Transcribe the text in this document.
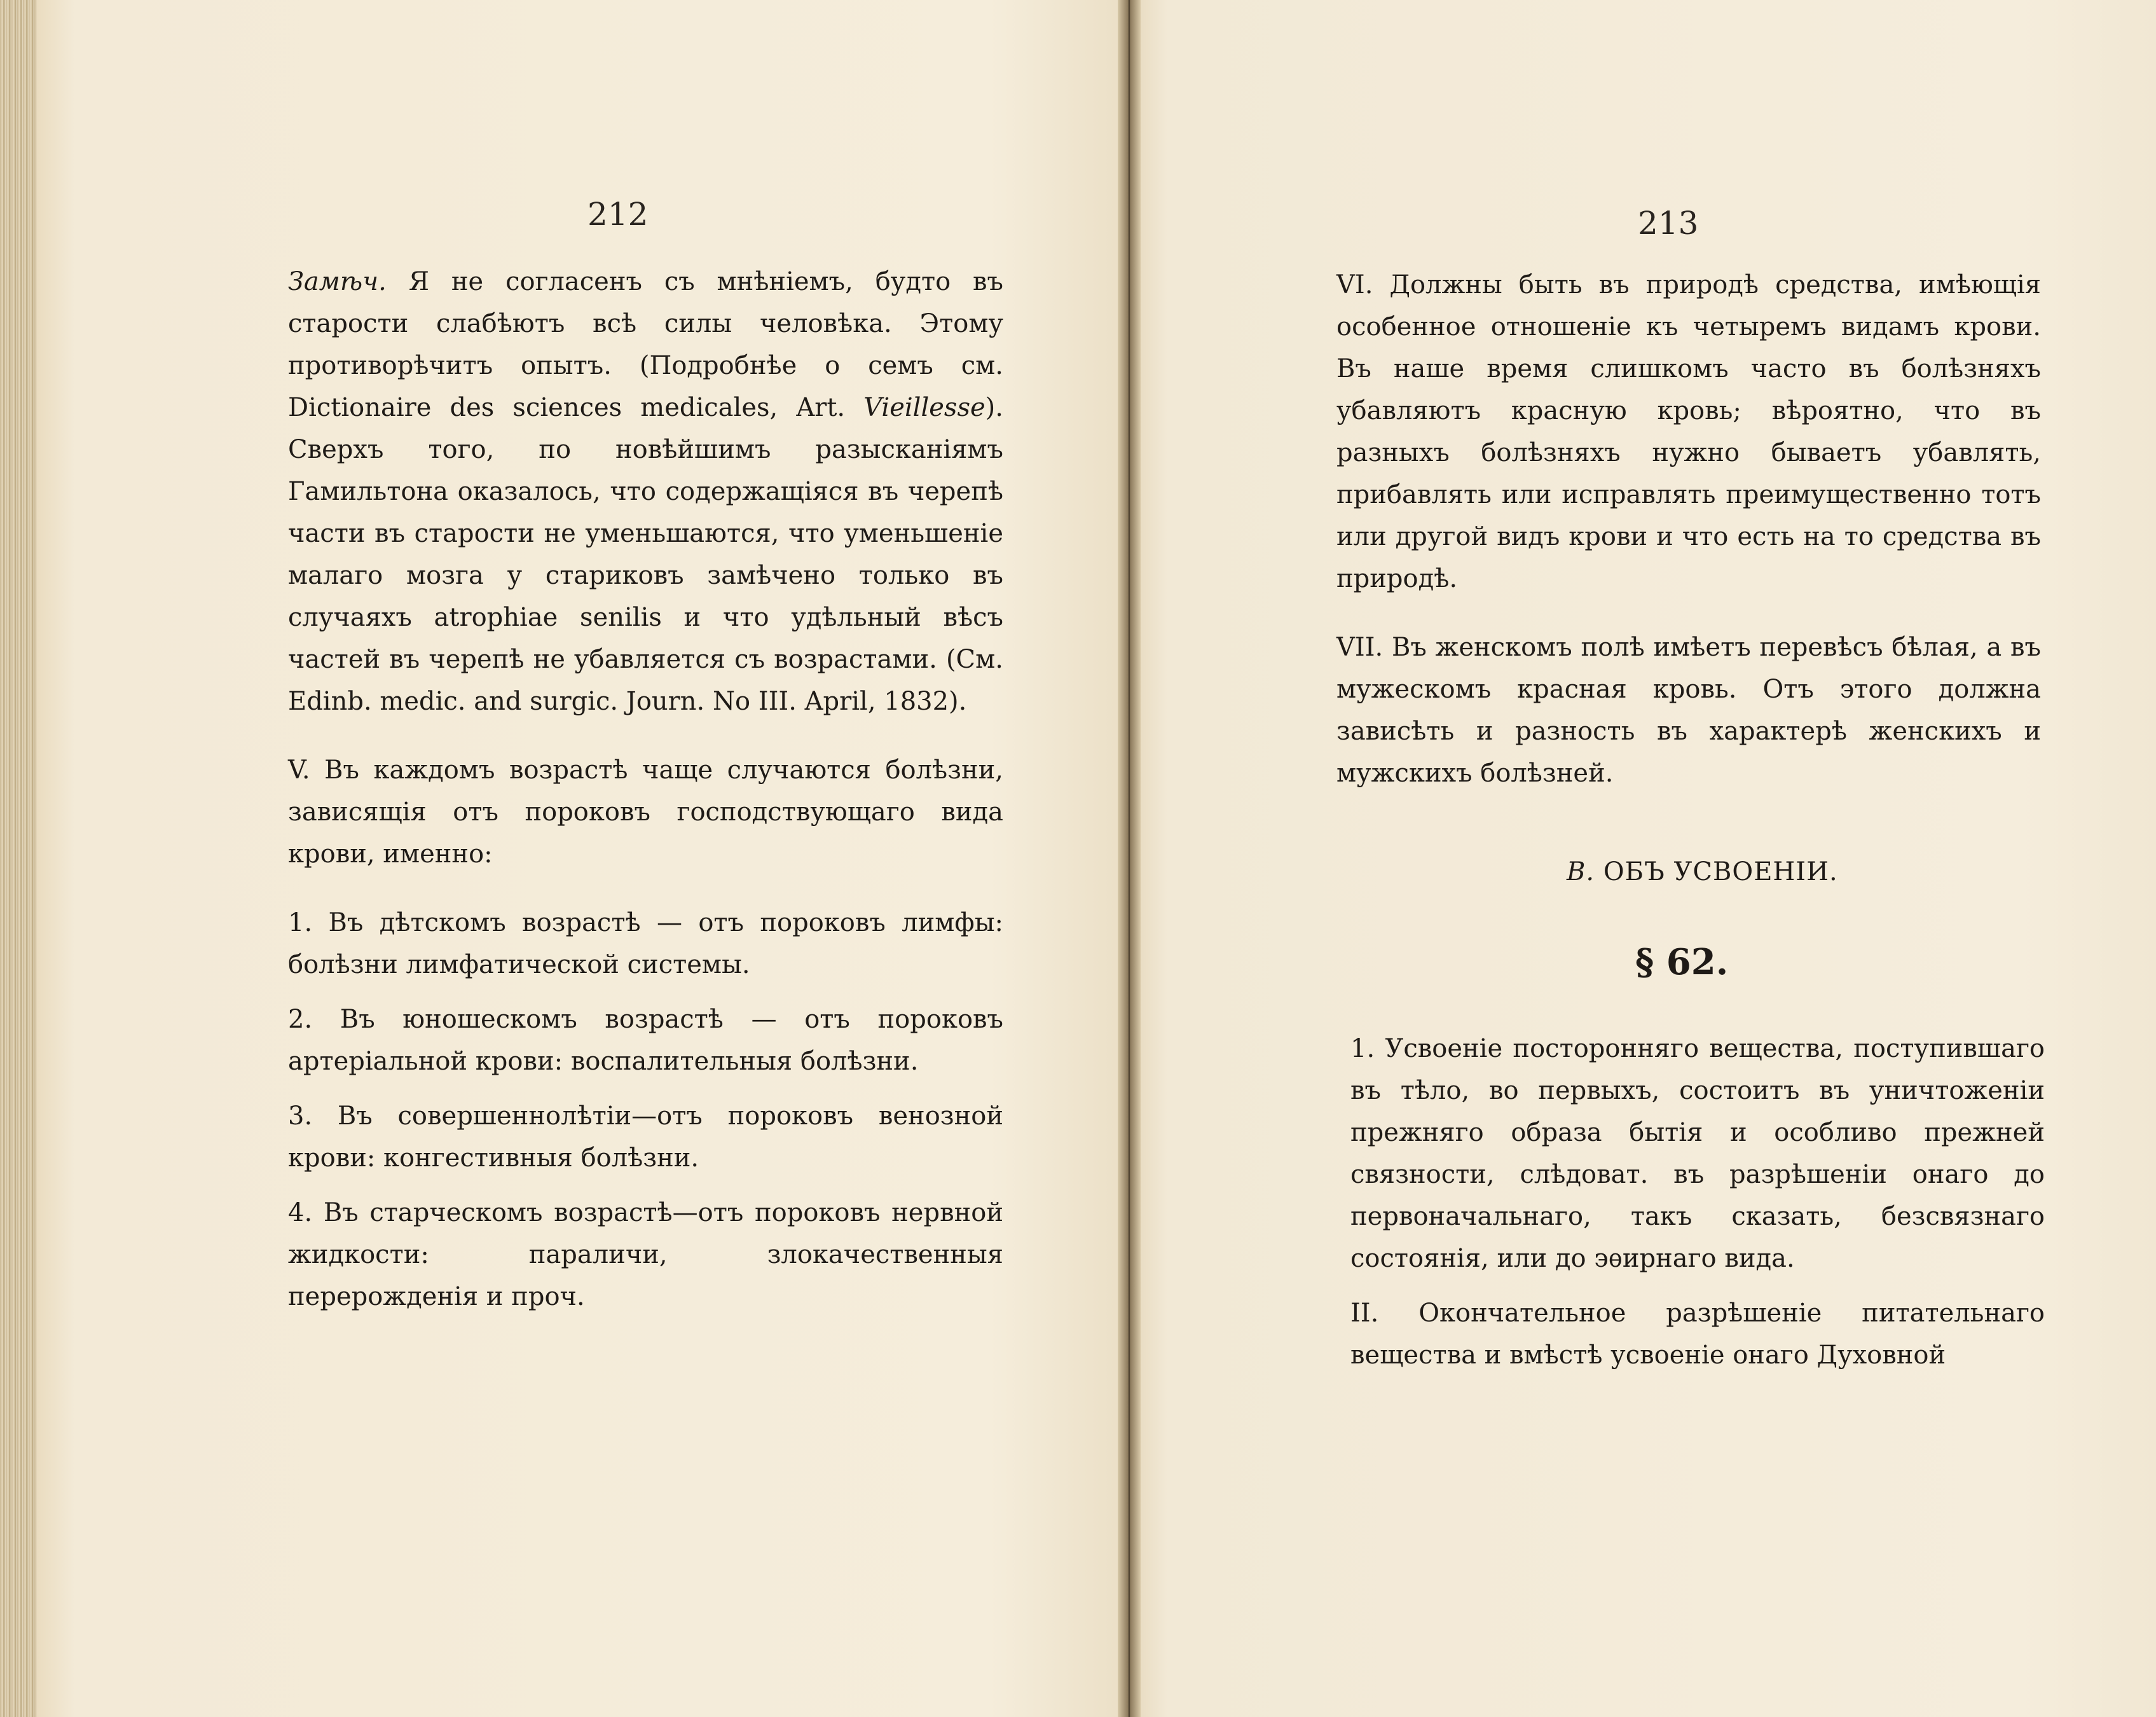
212

Замѣч. Я не согласенъ съ мнѣніемъ, будто въ старости слабѣютъ всѣ силы человѣка. Этому противорѣчитъ опытъ. (Подробнѣе о семъ см. Dictionaire des sciences medicales, Art. Vieillesse). Сверхъ того, по новѣйшимъ разысканіямъ Гамильтона оказалось, что содержащіяся въ черепѣ части въ старости не уменьшаются, что уменьшеніе малаго мозга у стариковъ замѣчено только въ случаяхъ atrophiae senilis и что удѣльный вѣсъ частей въ черепѣ не убавляется съ возрастами. (См. Edinb. medic. and surgic. Journ. No III. April, 1832).

V. Въ каждомъ возрастѣ чаще случаются болѣзни, зависящія отъ пороковъ господствующаго вида крови, именно:

1. Въ дѣтскомъ возрастѣ — отъ пороковъ лимфы: болѣзни лимфатической системы.

2. Въ юношескомъ возрастѣ — отъ пороковъ артеріальной крови: воспалительныя болѣзни.

3. Въ совершеннолѣтіи—отъ пороковъ венозной крови: конгестивныя болѣзни.

4. Въ старческомъ возрастѣ—отъ пороковъ нервной жидкости: параличи, злокачественныя перерожденія и проч.

213

VI. Должны быть въ природѣ средства, имѣющія особенное отношеніе къ четыремъ видамъ крови. Въ наше время слишкомъ часто въ болѣзняхъ убавляютъ красную кровь; вѣроятно, что въ разныхъ болѣзняхъ нужно бываетъ убавлять, прибавлять или исправлять преимущественно тотъ или другой видъ крови и что есть на то средства въ природѣ.

VII. Въ женскомъ полѣ имѣетъ перевѣсъ бѣлая, а въ мужескомъ красная кровь. Отъ этого должна зависѣть и разность въ характерѣ женскихъ и мужскихъ болѣзней.

B. ОБЪ УСВОЕНІИ.
§ 62.

1. Усвоеніе посторонняго вещества, поступившаго въ тѣло, во первыхъ, состоитъ въ уничтоженіи прежняго образа бытія и особливо прежней связности, слѣдоват. въ разрѣшеніи онаго до первоначальнаго, такъ сказать, безсвязнаго состоянія, или до эѳирнаго вида.

II. Окончательное разрѣшеніе питательнаго вещества и вмѣстѣ усвоеніе онаго Духовной
